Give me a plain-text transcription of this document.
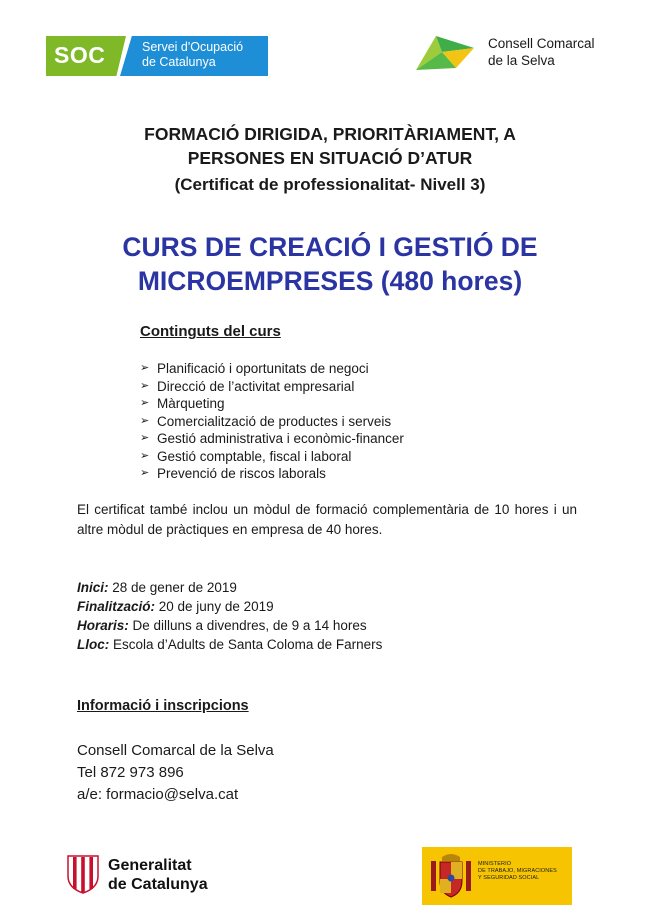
SOC	Servei d'Ocupació
de Catalunya
Consell Comarcal
de la Selva
FORMACIÓ DIRIGIDA, PRIORITÀRIAMENT, A
PERSONES EN SITUACIÓ D’ATUR
(Certificat de professionalitat- Nivell 3)
CURS DE CREACIÓ I GESTIÓ DE
MICROEMPRESES (480 hores)
Continguts del curs
➢ Planificació i oportunitats de negoci
➢ Direcció de l’activitat empresarial
➢ Màrqueting
➢ Comercialització de productes i serveis
➢ Gestió administrativa i econòmic-financer
➢ Gestió comptable, fiscal i laboral
➢ Prevenció de riscos laborals
El certificat també inclou un mòdul de formació complementària de 10 hores i un altre mòdul de pràctiques en empresa de 40 hores.
Inici: 28 de gener de 2019
Finalització: 20 de juny de 2019
Horaris: De dilluns a divendres, de 9 a 14 hores
Lloc: Escola d’Adults de Santa Coloma de Farners
Informació i inscripcions
Consell Comarcal de la Selva
Tel 872 973 896
a/e: formacio@selva.cat
Generalitat
de Catalunya
MINISTERIO
DE TRABAJO, MIGRACIONES
Y SEGURIDAD SOCIAL
